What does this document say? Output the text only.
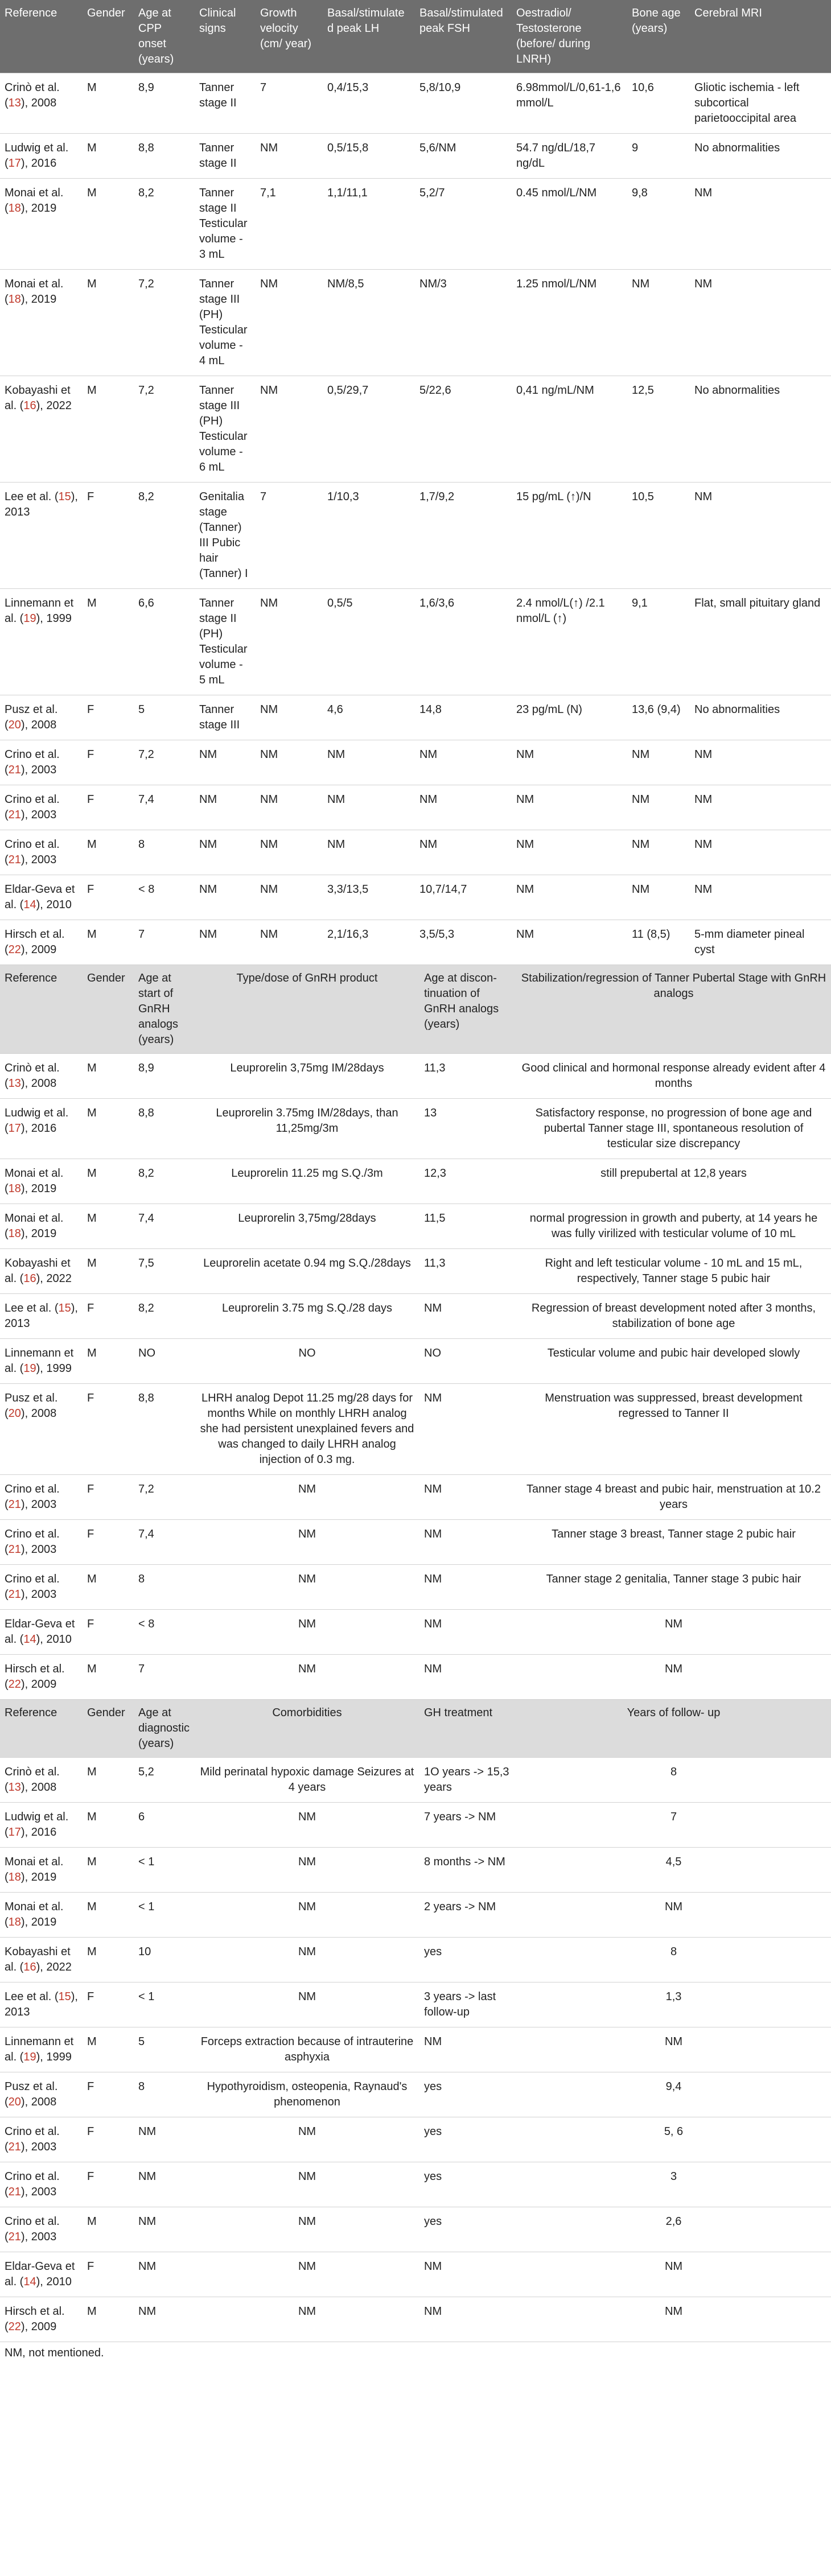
Reference	Gender	Age at CPP onset (years)	Clinical signs	Growth velocity (cm/ year)	Basal/stimulated peak LH	Basal/stimulated peak FSH	Oestradiol/ Testosterone (before/ during LNRH)	Bone age (years)	Cerebral MRI
Crinò et al. (13), 2008	M	8,9	Tanner stage II	7	0,4/15,3	5,8/10,9	6.98mmol/L/0,61-1,6 mmol/L	10,6	Gliotic ischemia - left subcortical parietooccipital area
Ludwig et al. (17), 2016	M	8,8	Tanner stage II	NM	0,5/15,8	5,6/NM	54.7 ng/dL/18,7 ng/dL	9	No abnormalities
Monai et al. (18), 2019	M	8,2	Tanner stage II Testicular volume - 3 mL	7,1	1,1/11,1	5,2/7	0.45 nmol/L/NM	9,8	NM
Monai et al. (18), 2019	M	7,2	Tanner stage III (PH) Testicular volume - 4 mL	NM	NM/8,5	NM/3	1.25 nmol/L/NM	NM	NM
Kobayashi et al. (16), 2022	M	7,2	Tanner stage III (PH) Testicular volume - 6 mL	NM	0,5/29,7	5/22,6	0,41 ng/mL/NM	12,5	No abnormalities
Lee et al. (15), 2013	F	8,2	Genitalia stage (Tanner) III Pubic hair (Tanner) I	7	1/10,3	1,7/9,2	15 pg/mL (↑)/N	10,5	NM
Linnemann et al. (19), 1999	M	6,6	Tanner stage II (PH) Testicular volume - 5 mL	NM	0,5/5	1,6/3,6	2.4 nmol/L(↑) /2.1 nmol/L (↑)	9,1	Flat, small pituitary gland
Pusz et al. (20), 2008	F	5	Tanner stage III	NM	4,6	14,8	23 pg/mL (N)	13,6 (9,4)	No abnormalities
Crino et al. (21), 2003	F	7,2	NM	NM	NM	NM	NM	NM	NM
Crino et al. (21), 2003	F	7,4	NM	NM	NM	NM	NM	NM	NM
Crino et al. (21), 2003	M	8	NM	NM	NM	NM	NM	NM	NM
Eldar-Geva et al. (14), 2010	F	< 8	NM	NM	3,3/13,5	10,7/14,7	NM	NM	NM
Hirsch et al. (22), 2009	M	7	NM	NM	2,1/16,3	3,5/5,3	NM	11 (8,5)	5-mm diameter pineal cyst
Reference	Gender	Age at start of GnRH analogs (years)	Type/dose of GnRH product	Age at discon- tinuation of GnRH analogs (years)	Stabilization/regression of Tanner Pubertal Stage with GnRH analogs
Crinò et al. (13), 2008	M	8,9	Leuprorelin 3,75mg IM/28days	11,3	Good clinical and hormonal response already evident after 4 months
Ludwig et al. (17), 2016	M	8,8	Leuprorelin 3.75mg IM/28days, than 11,25mg/3m	13	Satisfactory response, no progression of bone age and pubertal Tanner stage III, spontaneous resolution of testicular size discrepancy
Monai et al. (18), 2019	M	8,2	Leuprorelin 11.25 mg S.Q./3m	12,3	still prepubertal at 12,8 years
Monai et al. (18), 2019	M	7,4	Leuprorelin 3,75mg/28days	11,5	normal progression in growth and puberty, at 14 years he was fully virilized with testicular volume of 10 mL
Kobayashi et al. (16), 2022	M	7,5	Leuprorelin acetate 0.94 mg S.Q./28days	11,3	Right and left testicular volume - 10 mL and 15 mL, respectively, Tanner stage 5 pubic hair
Lee et al. (15), 2013	F	8,2	Leuprorelin 3.75 mg S.Q./28 days	NM	Regression of breast development noted after 3 months, stabilization of bone age
Linnemann et al. (19), 1999	M	NO	NO	NO	Testicular volume and pubic hair developed slowly
Pusz et al. (20), 2008	F	8,8	LHRH analog Depot 11.25 mg/28 days for months While on monthly LHRH analog she had persistent unexplained fevers and was changed to daily LHRH analog injection of 0.3 mg.	NM	Menstruation was suppressed, breast development regressed to Tanner II
Crino et al. (21), 2003	F	7,2	NM	NM	Tanner stage 4 breast and pubic hair, menstruation at 10.2 years
Crino et al. (21), 2003	F	7,4	NM	NM	Tanner stage 3 breast, Tanner stage 2 pubic hair
Crino et al. (21), 2003	M	8	NM	NM	Tanner stage 2 genitalia, Tanner stage 3 pubic hair
Eldar-Geva et al. (14), 2010	F	< 8	NM	NM	NM
Hirsch et al. (22), 2009	M	7	NM	NM	NM
Reference	Gender	Age at diagnostic (years)	Comorbidities	GH treatment	Years of follow- up
Crinò et al. (13), 2008	M	5,2	Mild perinatal hypoxic damage Seizures at 4 years	1O years -> 15,3 years	8
Ludwig et al. (17), 2016	M	6	NM	7 years -> NM	7
Monai et al. (18), 2019	M	< 1	NM	8 months -> NM	4,5
Monai et al. (18), 2019	M	< 1	NM	2 years -> NM	NM
Kobayashi et al. (16), 2022	M	10	NM	yes	8
Lee et al. (15), 2013	F	< 1	NM	3 years -> last follow-up	1,3
Linnemann et al. (19), 1999	M	5	Forceps extraction because of intrauterine asphyxia	NM	NM
Pusz et al. (20), 2008	F	8	Hypothyroidism, osteopenia, Raynaud's phenomenon	yes	9,4
Crino et al. (21), 2003	F	NM	NM	yes	5, 6
Crino et al. (21), 2003	F	NM	NM	yes	3
Crino et al. (21), 2003	M	NM	NM	yes	2,6
Eldar-Geva et al. (14), 2010	F	NM	NM	NM	NM
Hirsch et al. (22), 2009	M	NM	NM	NM	NM
NM, not mentioned.
